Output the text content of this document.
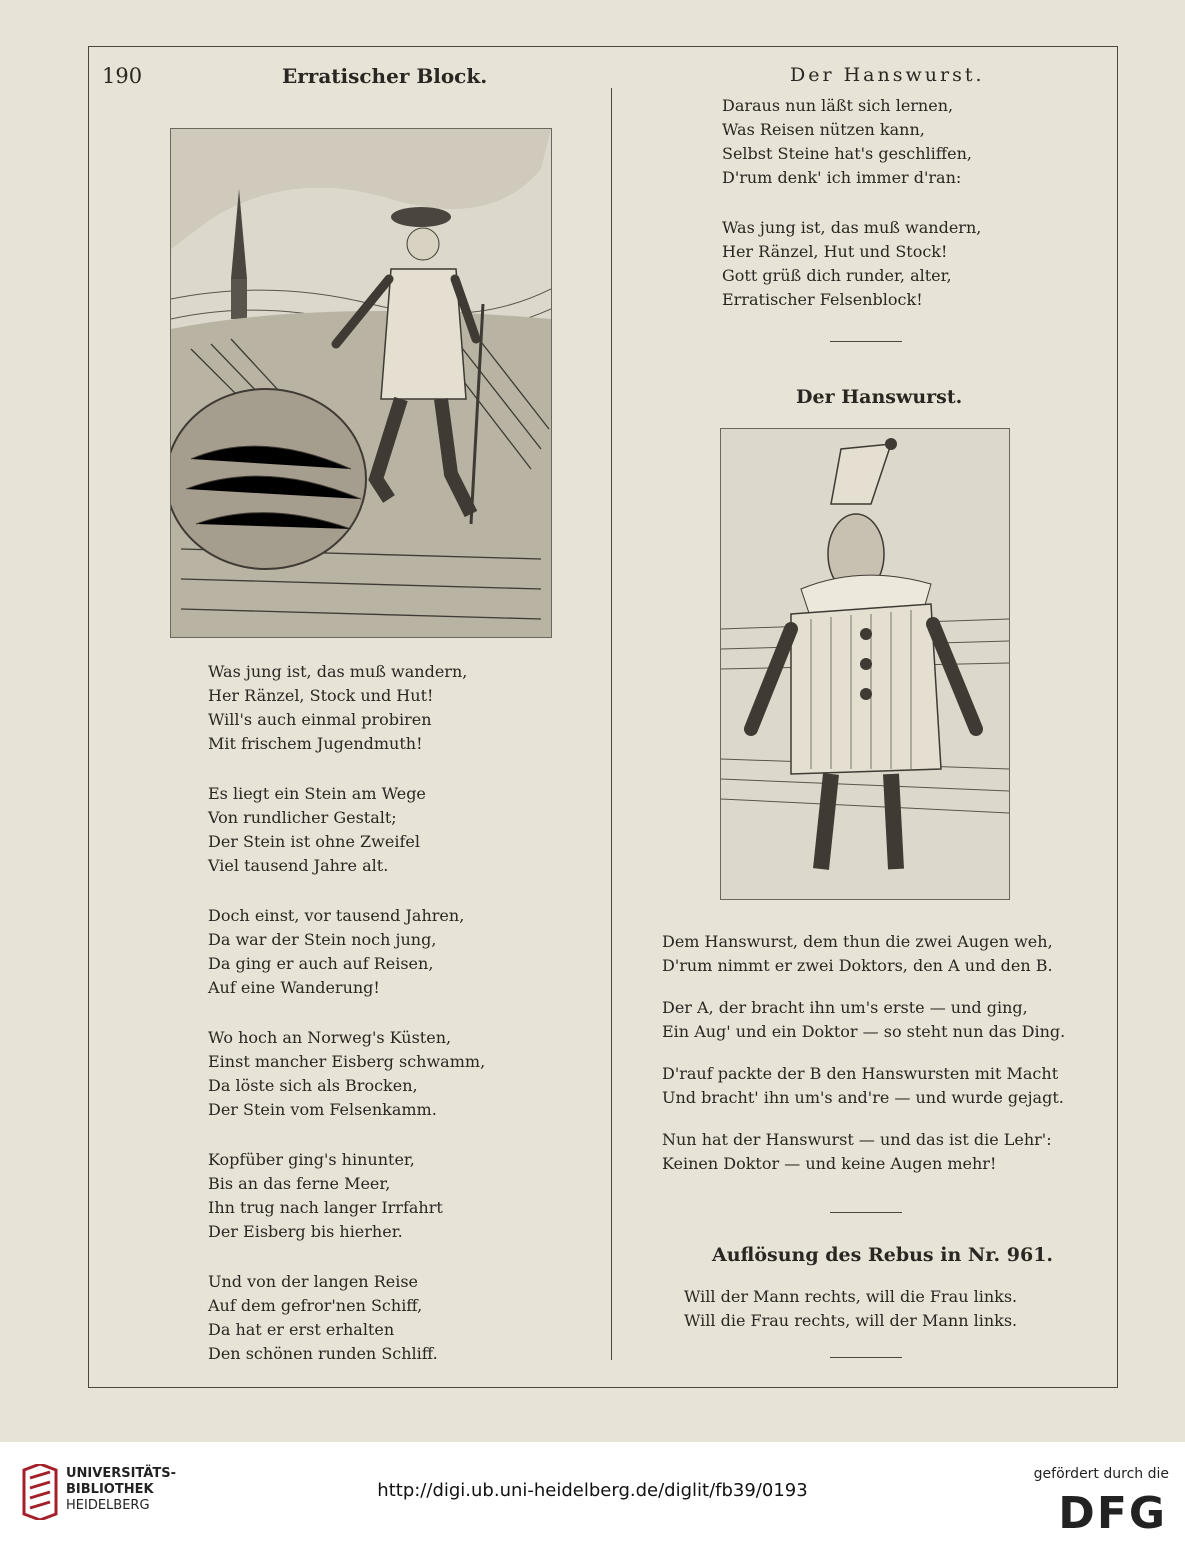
190	Erratischer Block.	Der Hanswurst.
Was jung ist, das muß wandern,
Her Ränzel, Stock und Hut!
Will's auch einmal probiren
Mit frischem Jugendmuth!
Es liegt ein Stein am Wege
Von rundlicher Gestalt;
Der Stein ist ohne Zweifel
Viel tausend Jahre alt.
Doch einst, vor tausend Jahren,
Da war der Stein noch jung,
Da ging er auch auf Reisen,
Auf eine Wanderung!
Wo hoch an Norweg's Küsten,
Einst mancher Eisberg schwamm,
Da löste sich als Brocken,
Der Stein vom Felsenkamm.
Kopfüber ging's hinunter,
Bis an das ferne Meer,
Ihn trug nach langer Irrfahrt
Der Eisberg bis hierher.
Und von der langen Reise
Auf dem gefror'nen Schiff,
Da hat er erst erhalten
Den schönen runden Schliff.
Daraus nun läßt sich lernen,
Was Reisen nützen kann,
Selbst Steine hat's geschliffen,
D'rum denk' ich immer d'ran:
Was jung ist, das muß wandern,
Her Ränzel, Hut und Stock!
Gott grüß dich runder, alter,
Erratischer Felsenblock!
Der Hanswurst.
Dem Hanswurst, dem thun die zwei Augen weh,
D'rum nimmt er zwei Doktors, den A und den B.
Der A, der bracht ihn um's erste — und ging,
Ein Aug' und ein Doktor — so steht nun das Ding.
D'rauf packte der B den Hanswursten mit Macht
Und bracht' ihn um's and're — und wurde gejagt.
Nun hat der Hanswurst — und das ist die Lehr':
Keinen Doktor — und keine Augen mehr!
Auflösung des Rebus in Nr. 961.
Will der Mann rechts, will die Frau links.
Will die Frau rechts, will der Mann links.
UNIVERSITÄTS-
BIBLIOTHEK
HEIDELBERG
http://digi.ub.uni-heidelberg.de/diglit/fb39/0193
gefördert durch die
DFG
